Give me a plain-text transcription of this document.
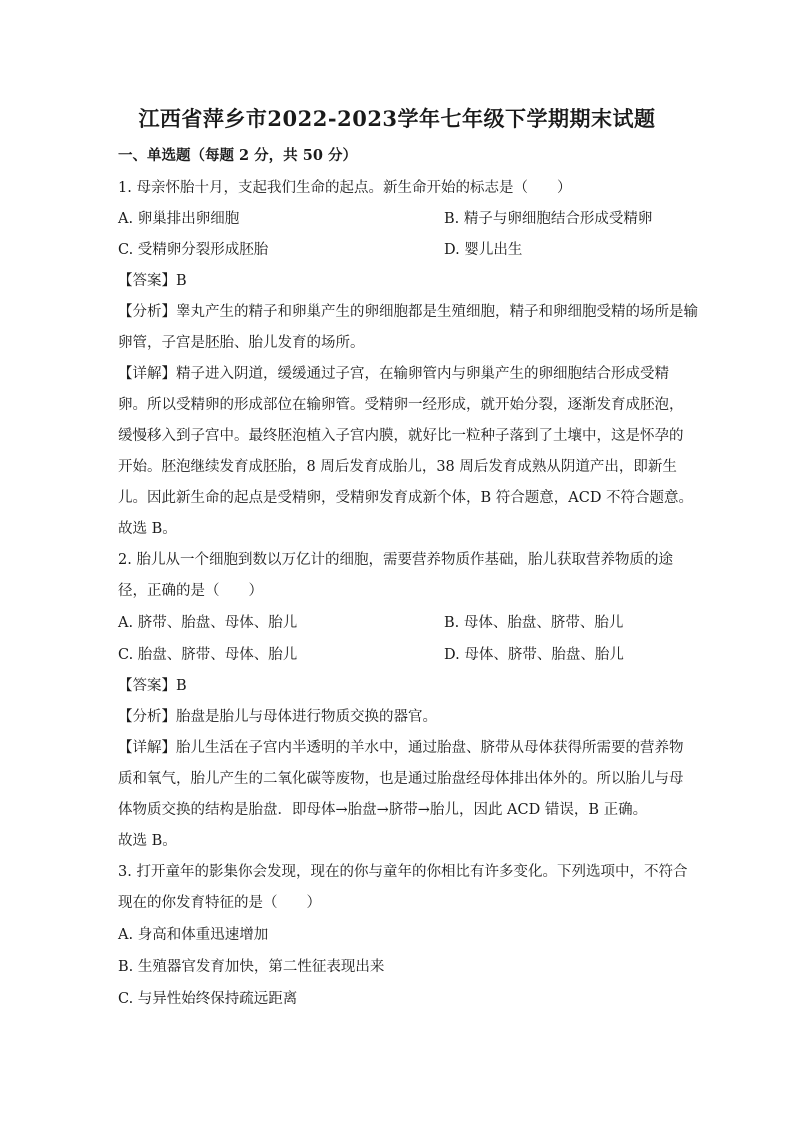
江西省萍乡市2022-2023学年七年级下学期期末试题
一、单选题（每题 2 分，共 50 分）
1. 母亲怀胎十月，支起我们生命的起点。新生命开始的标志是（　　）
A. 卵巢排出卵细胞	B. 精子与卵细胞结合形成受精卵
C. 受精卵分裂形成胚胎	D. 婴儿出生
【答案】B
【分析】睾丸产生的精子和卵巢产生的卵细胞都是生殖细胞，精子和卵细胞受精的场所是输
卵管，子宫是胚胎、胎儿发育的场所。
【详解】精子进入阴道，缓缓通过子宫，在输卵管内与卵巢产生的卵细胞结合形成受精
卵。所以受精卵的形成部位在输卵管。受精卵一经形成，就开始分裂，逐渐发育成胚泡，
缓慢移入到子宫中。最终胚泡植入子宫内膜，就好比一粒种子落到了土壤中，这是怀孕的
开始。胚泡继续发育成胚胎，8 周后发育成胎儿，38 周后发育成熟从阴道产出，即新生
儿。因此新生命的起点是受精卵，受精卵发育成新个体，B 符合题意，ACD 不符合题意。
故选 B。
2. 胎儿从一个细胞到数以万亿计的细胞，需要营养物质作基础，胎儿获取营养物质的途
径，正确的是（　　）
A. 脐带、胎盘、母体、胎儿	B. 母体、胎盘、脐带、胎儿
C. 胎盘、脐带、母体、胎儿	D. 母体、脐带、胎盘、胎儿
【答案】B
【分析】胎盘是胎儿与母体进行物质交换的器官。
【详解】胎儿生活在子宫内半透明的羊水中，通过胎盘、脐带从母体获得所需要的营养物
质和氧气，胎儿产生的二氧化碳等废物，也是通过胎盘经母体排出体外的。所以胎儿与母
体物质交换的结构是胎盘．即母体→胎盘→脐带→胎儿，因此 ACD 错误，B 正确。
故选 B。
3. 打开童年的影集你会发现，现在的你与童年的你相比有许多变化。下列选项中，不符合
现在的你发育特征的是（　　）
A. 身高和体重迅速增加
B. 生殖器官发育加快，第二性征表现出来
C. 与异性始终保持疏远距离
